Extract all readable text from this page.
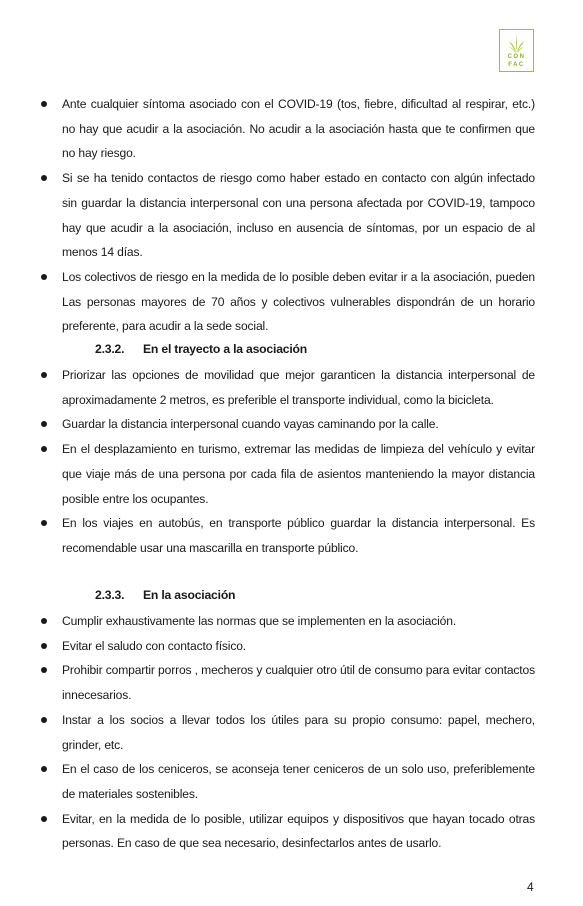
CON
FAC
Ante cualquier síntoma asociado con el COVID-19 (tos, fiebre, dificultad al respirar, etc.) no hay que acudir a la asociación. No acudir a la asociación hasta que te confirmen que no hay riesgo.
Si se ha tenido contactos de riesgo como haber estado en contacto con algún infectado sin guardar la distancia interpersonal con una persona afectada por COVID-19, tampoco hay que acudir a la asociación, incluso en ausencia de síntomas, por un espacio de al menos 14 días.
Los colectivos de riesgo en la medida de lo posible deben evitar ir a la asociación, pueden Las personas mayores de 70 años y colectivos vulnerables dispondrán de un horario preferente, para acudir a la sede social.
2.3.2. En el trayecto a la asociación
Priorizar las opciones de movilidad que mejor garanticen la distancia interpersonal de aproximadamente 2 metros, es preferible el transporte individual, como la bicicleta.
Guardar la distancia interpersonal cuando vayas caminando por la calle.
En el desplazamiento en turismo, extremar las medidas de limpieza del vehículo y evitar que viaje más de una persona por cada fila de asientos manteniendo la mayor distancia posible entre los ocupantes.
En los viajes en autobús, en transporte público guardar la distancia interpersonal. Es recomendable usar una mascarilla en transporte público.
2.3.3. En la asociación
Cumplir exhaustivamente las normas que se implementen en la asociación.
Evitar el saludo con contacto físico.
Prohibir compartir porros , mecheros y cualquier otro útil de consumo para evitar contactos innecesarios.
Instar a los socios a llevar todos los útiles para su propio consumo: papel, mechero, grinder, etc.
En el caso de los ceniceros, se aconseja tener ceniceros de un solo uso, preferiblemente de materiales sostenibles.
Evitar, en la medida de lo posible, utilizar equipos y dispositivos que hayan tocado otras personas. En caso de que sea necesario, desinfectarlos antes de usarlo.
4
